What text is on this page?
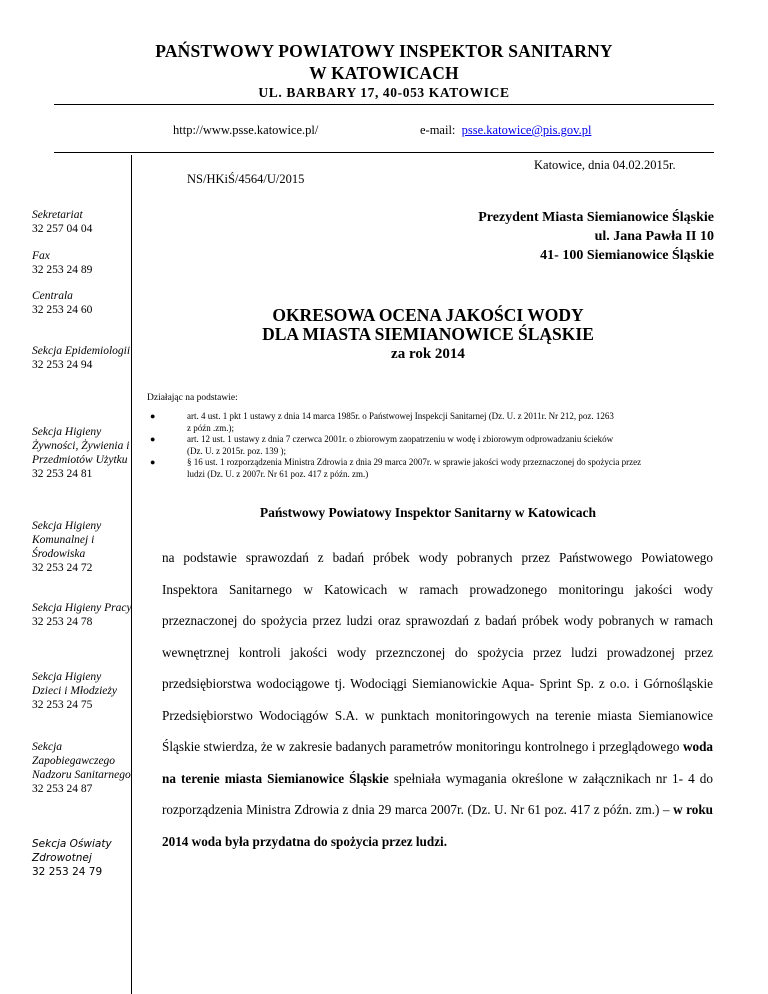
PAŃSTWOWY POWIATOWY INSPEKTOR SANITARNY
W KATOWICACH
UL. BARBARY 17, 40-053 KATOWICE
http://www.psse.katowice.pl/	e-mail: psse.katowice@pis.gov.pl
Katowice, dnia 04.02.2015r.
NS/HKiŚ/4564/U/2015
Sekretariat
32 257 04 04
Fax
32 253 24 89
Centrala
32 253 24 60
Sekcja Epidemiologii
32 253 24 94
Sekcja Higieny Żywności, Żywienia i Przedmiotów Użytku
32 253 24 81
Sekcja Higieny Komunalnej i Środowiska
32 253 24 72
Sekcja Higieny Pracy
32 253 24 78
Sekcja Higieny Dzieci i Młodzieży
32 253 24 75
Sekcja Zapobiegawczego Nadzoru Sanitarnego
32 253 24 87
Sekcja Oświaty Zdrowotnej
32 253 24 79
Prezydent Miasta Siemianowice Śląskie
ul. Jana Pawła II 10
41- 100 Siemianowice Śląskie
OKRESOWA OCENA JAKOŚCI WODY
DLA MIASTA SIEMIANOWICE ŚLĄSKIE
za rok 2014
Działając na podstawie:
●	art. 4 ust. 1 pkt 1 ustawy z dnia 14 marca 1985r. o Państwowej Inspekcji Sanitarnej (Dz. U. z 2011r. Nr 212, poz. 1263
z późn .zm.);
●	art. 12 ust. 1 ustawy z dnia 7 czerwca 2001r. o zbiorowym zaopatrzeniu w wodę i zbiorowym odprowadzaniu ścieków
(Dz. U. z 2015r. poz. 139 );
●	§ 16 ust. 1 rozporządzenia Ministra Zdrowia z dnia 29 marca 2007r. w sprawie jakości wody przeznaczonej do spożycia przez
ludzi (Dz. U. z 2007r. Nr 61 poz. 417 z późn. zm.)
Państwowy Powiatowy Inspektor Sanitarny w Katowicach
na podstawie sprawozdań z badań próbek wody pobranych przez Państwowego Powiatowego Inspektora Sanitarnego w Katowicach w ramach prowadzonego monitoringu jakości wody przeznaczonej do spożycia przez ludzi oraz sprawozdań z badań próbek wody pobranych w ramach wewnętrznej kontroli jakości wody przeznczonej do spożycia przez ludzi prowadzonej przez przedsiębiorstwa wodociągowe tj. Wodociągi Siemianowickie Aqua- Sprint Sp. z o.o. i Górnośląskie Przedsiębiorstwo Wodociągów S.A. w punktach monitoringowych na terenie miasta Siemianowice Śląskie stwierdza, że w zakresie badanych parametrów monitoringu kontrolnego i przeglądowego woda na terenie miasta Siemianowice Śląskie spełniała wymagania określone w załącznikach nr 1- 4 do rozporządzenia Ministra Zdrowia z dnia 29 marca 2007r. (Dz. U. Nr 61 poz. 417 z późn. zm.) – w roku 2014 woda była przydatna do spożycia przez ludzi.
